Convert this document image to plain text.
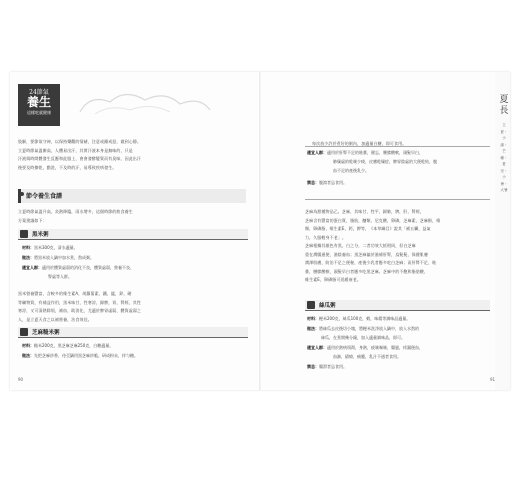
24節氣
養生
這樣吃就健康
肢解，要節欲守神，以保持樂觀的情緒，注意戒躁戒怒，做到心靜。
立夏時節氣溫漸高，人體易出汗，其實汗液本身是無味的，只是
汗液與時間體發生反應和此服上，會會發酵變質而有臭味，因此出汗
後要及時擦乾，勤洗，不及時的汗，易導致疾病發生。
節令養生食譜
立夏時節氣溫升高，炎熱降臨，雨水增多，這個時節的飲食養生
方案建議如下：
黑米粥
材料：黑米300克，清水適量。
做法：將黑米放入鍋中加水煮，熬成粥。
適宜人群：適用於體質虛弱的消化不良，體質虛弱，營養不良、
腎虛等人群。
黑米營養豐富，含較多的維生素A，胡蘿蔔素，鐵，錳，鋅，硒
等礦物質，有補益作用，黑米味甘，性寒涼，歸脾，胃，腎經，其性
寒涼，又可清熱除煩，補血，助消化，尤適於脾胃虛弱，體質虛弱之
人，是立夏天食之以補營養，治食效佳。
芝麻糙米粥
材料：糙米200克，黑芝麻芝麻250克，白糖適量。
做法：先把芝麻炒香，待至鍋用黑芝麻炒脆。研成粉末，拌勻糖。
90
每次放少許於煮好的粥內，加適量白糖，即可食用。
適宜人群：適用於肝腎不足的眩暈，健忘，腰膝酸軟，頭髮早白，
肺燥虛的乾咳少痰，皮膚乾燥症，脾胃陰虛的大便乾結，腹
血不足的產後乳少。
禁忌：腹瀉者忌食用。
芝麻為甜種物品乙。芝麻，其味甘，性平，歸肺，脾，肝，腎經，
芝麻含有豐富的蛋白質，脂肪，醣類，尼克酸，卵磷，芝麻素，芝麻酚，維
類，卵磷脂，維生素E，鈣，鉀等，《本草綱目》說其「補五臟，益氣
力，久服輕身不老」。
芝麻根據其顏色有黑，白之分，二者功效大抵相同，但白芝麻
重在潤腸通便，滋陰養血；黑芝麻偏於滋補肝腎，烏髮髮，保健肌膚
潤澤肌膚，防治不足之便秘，產後少乳者應多吃白芝麻；而肝腎不足，眩
暈，腰膝酸軟，頭髮早白者應多吃黑芝麻。芝麻中的不飽和脂肪酸，
維生素E，卵磷脂可延緩衰老。
絲瓜粥
材料：粳米200克，絲瓜100克，蝦，味精等調味品適量。
做法：將絲瓜去皮後切小塊，將粳米洗淨放入鍋中，放入水熬的
絲瓜，在煮開幾分鐘，加入適量調味品，即可。
適宜人群：適用於熱病煩渴，身熱，疲咳喘咳，腸風，痔漏便血，
血淋，瘡瘍，痛腫，乳汁不通者食用。
禁忌：腸滑者忌食用。
91
夏長
立夏・小滿・芒種・夏至・小暑・大暑
